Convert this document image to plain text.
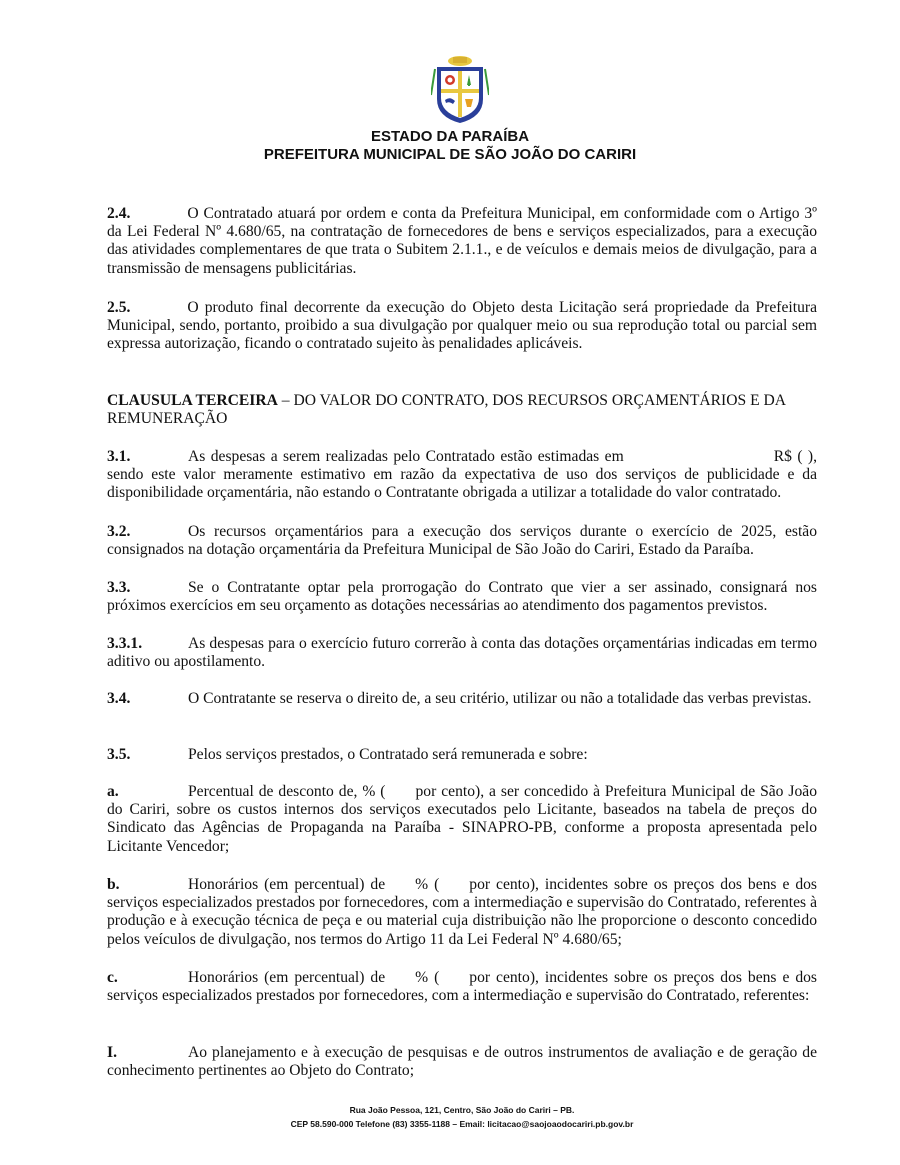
ESTADO DA PARAÍBA
PREFEITURA MUNICIPAL DE SÃO JOÃO DO CARIRI
2.4.	O Contratado atuará por ordem e conta da Prefeitura Municipal, em conformidade com o Artigo 3º da Lei Federal Nº 4.680/65, na contratação de fornecedores de bens e serviços especializados, para a execução das atividades complementares de que trata o Subitem 2.1.1., e de veículos e demais meios de divulgação, para a transmissão de mensagens publicitárias.
2.5.	O produto final decorrente da execução do Objeto desta Licitação será propriedade da Prefeitura Municipal, sendo, portanto, proibido a sua divulgação por qualquer meio ou sua reprodução total ou parcial sem expressa autorização, ficando o contratado sujeito às penalidades aplicáveis.
CLAUSULA TERCEIRA – DO VALOR DO CONTRATO, DOS RECURSOS ORÇAMENTÁRIOS E DA REMUNERAÇÃO
3.1.	As despesas a serem realizadas pelo Contratado estão estimadas em	R$ ( ), sendo este valor meramente estimativo em razão da expectativa de uso dos serviços de publicidade e da disponibilidade orçamentária, não estando o Contratante obrigada a utilizar a totalidade do valor contratado.
3.2.	Os recursos orçamentários para a execução dos serviços durante o exercício de 2025, estão consignados na dotação orçamentária da Prefeitura Municipal de São João do Cariri, Estado da Paraíba.
3.3.	Se o Contratante optar pela prorrogação do Contrato que vier a ser assinado, consignará nos próximos exercícios em seu orçamento as dotações necessárias ao atendimento dos pagamentos previstos.
3.3.1.	As despesas para o exercício futuro correrão à conta das dotações orçamentárias indicadas em termo aditivo ou apostilamento.
3.4.	O Contratante se reserva o direito de, a seu critério, utilizar ou não a totalidade das verbas previstas.
3.5.	Pelos serviços prestados, o Contratado será remunerada e sobre:
a.	Percentual de desconto de, % ( por cento), a ser concedido à Prefeitura Municipal de São João do Cariri, sobre os custos internos dos serviços executados pelo Licitante, baseados na tabela de preços do Sindicato das Agências de Propaganda na Paraíba - SINAPRO-PB, conforme a proposta apresentada pelo Licitante Vencedor;
b.	Honorários (em percentual) de % ( por cento), incidentes sobre os preços dos bens e dos serviços especializados prestados por fornecedores, com a intermediação e supervisão do Contratado, referentes à produção e à execução técnica de peça e ou material cuja distribuição não lhe proporcione o desconto concedido pelos veículos de divulgação, nos termos do Artigo 11 da Lei Federal Nº 4.680/65;
c.	Honorários (em percentual) de % ( por cento), incidentes sobre os preços dos bens e dos serviços especializados prestados por fornecedores, com a intermediação e supervisão do Contratado, referentes:
I.	Ao planejamento e à execução de pesquisas e de outros instrumentos de avaliação e de geração de conhecimento pertinentes ao Objeto do Contrato;
Rua João Pessoa, 121, Centro, São João do Cariri – PB.
CEP 58.590-000 Telefone (83) 3355-1188 – Email: licitacao@saojoaodocariri.pb.gov.br
